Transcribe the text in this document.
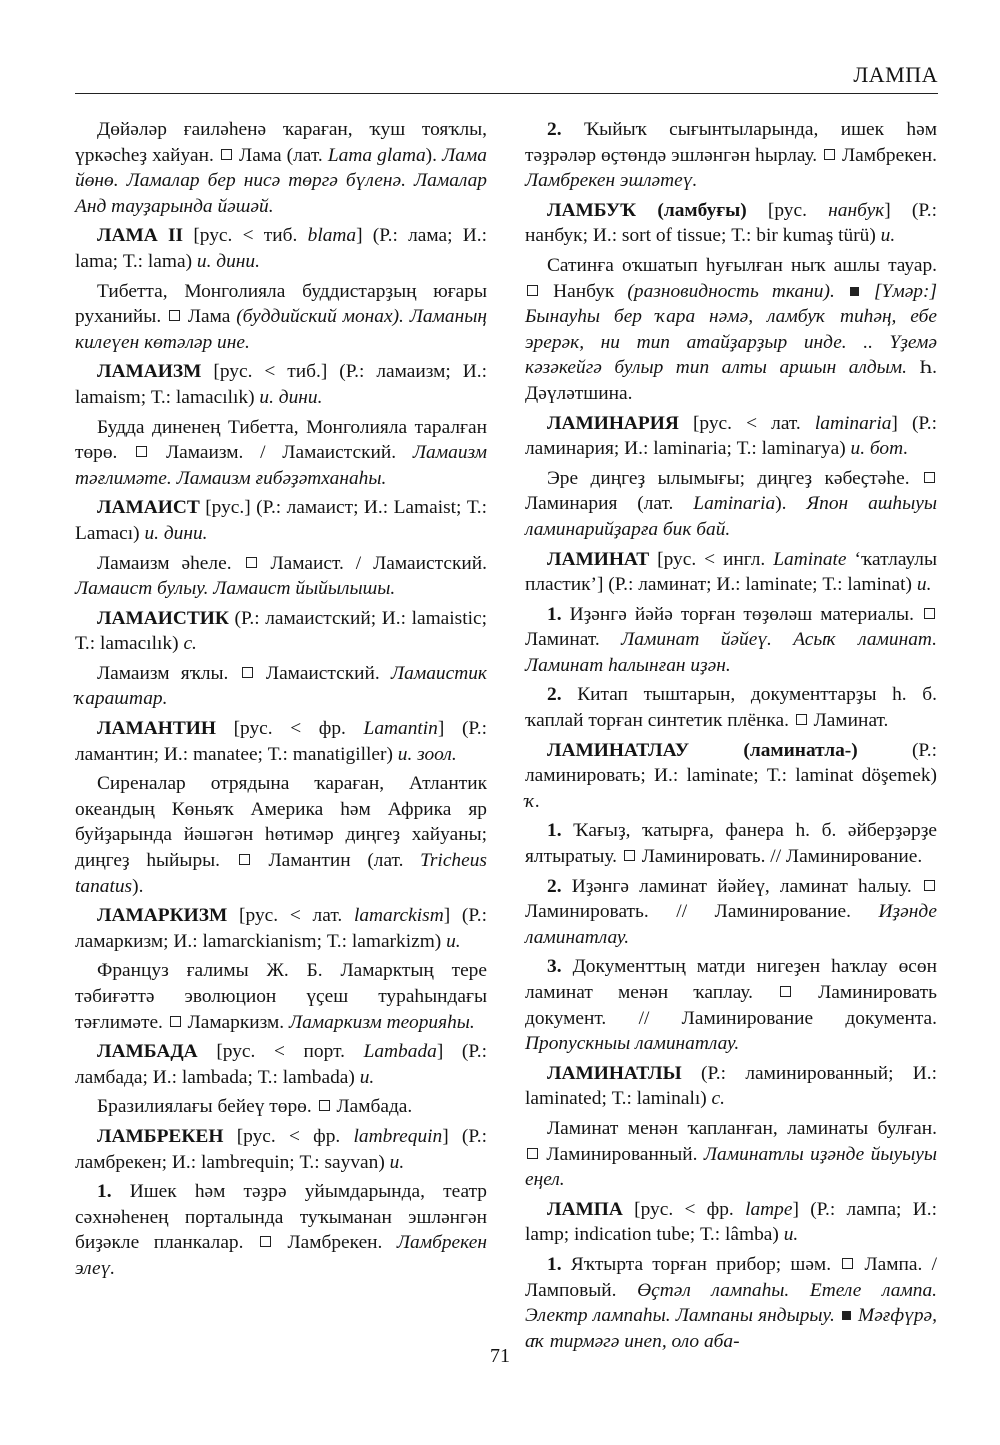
ЛАМПА

Дөйәләр ғаиләһенә ҡараған, ҡуш тояҡлы, үркәсһеҙ хайуан. Лама (лат. Lama glama). Лама йөнө. Ламалар бер нисә төргә бүленә. Ламалар Анд тауҙарында йәшәй.

ЛАМА II [рус. < тиб. blama] (Р.: лама; И.: lama; Т.: lama) и. дини.

Тибетта, Монголияла буддистарҙың юғары руханийы. Лама (буддийский монах). Ламаның килеүен көтәләр ине.

ЛАМАИЗМ [рус. < тиб.] (Р.: ламаизм; И.: lamaism; Т.: lamacılık) и. дини.

Будда диненең Тибетта, Монголияла таралған төрө.	Ламаизм. / Ламаистский. Ламаизм тәғлимәте. Ламаизм ғибәҙәтханаһы.

ЛАМАИСТ [рус.] (Р.: ламаист; И.: Lamaist; Т.: Lamacı) и. дини.

Ламаизм әһеле. Ламаист. / Ламаистский. Ламаист булыу. Ламаист йыйылышы.

ЛАМАИСТИК (Р.: ламаистский; И.: lamaistic; Т.: lamacılık) с.

Ламаизм яҡлы. Ламаистский. Ламаистик ҡараштар.

ЛАМАНТИН [рус. < фр. Lamantin] (Р.: ламантин; И.: manatee; Т.: manatigiller) и. зоол.

Сиреналар отрядына ҡараған, Атлантик океандың Көньяҡ Америка һәм Африка яр буйҙарында йәшәгән һөтимәр диңгеҙ хайуаны; диңгеҙ һыйыры. Ламантин (лат. Tricheus tanatus).

ЛАМАРКИЗМ [рус. < лат. lamarckism] (Р.: ламаркизм; И.: lamarckianism; Т.: lamarkizm) и.

Француз ғалимы Ж. Б. Ламарктың тере тәбиғәттә эволюцион үҫеш тураһындағы тәғлимәте. Ламаркизм. Ламаркизм теорияһы.

ЛАМБАДА [рус. < порт. Lambada] (Р.: ламбада; И.: lambada; Т.: lambada) и.

Бразилиялағы бейеү төрө. Ламбада.

ЛАМБРЕКЕН [рус. < фр. lambrequin] (Р.: ламбрекен; И.: lambrequin; Т.: sayvan) и.

1. Ишек һәм тәҙрә уйымдарында, театр сәхнәһенең порталында туҡыманан эшләнгән биҙәкле планкалар. Ламбрекен. Ламбрекен элеү.

2. Ҡыйыҡ сығынтыларында, ишек һәм тәҙрәләр өҫтөндә эшләнгән һырлау. Ламбрекен. Ламбрекен эшләтеү.

ЛАМБУҠ (ламбуғы) [рус. нанбук] (Р.: нанбук; И.: sort of tissue; Т.: bir kumaş türü) и.

Сатинға оҡшатып һуғылған ныҡ ашлы тауар.  Нанбук (разновидность ткани). [Үмәр:] Бынауһы бер ҡара нәмә, ламбуҡ тиһәң, ебе эрерәк, ни тип атайҙарҙыр инде. .. Үҙемә кәзәкейгә булыр тип алты аршын алдым. Һ. Дәүләтшина.

ЛАМИНАРИЯ [рус. < лат. laminaria] (Р.: ламинария; И.: laminaria; Т.: laminarya) и. бот.

Эре диңгеҙ ылымығы; диңгеҙ кәбеҫтәһе.  Ламинария (лат. Laminaria). Япон ашһыуы ламинарийҙарға бик бай.

ЛАМИНАТ [рус. < ингл. Laminate ‘ҡатлаулы пластик’] (Р.: ламинат; И.: laminate; Т.: laminat) и.

1. Иҙәнгә йәйә торған төҙөләш материалы.  Ламинат. Ламинат йәйеү. Асыҡ ламинат. Ламинат һалынған иҙән.

2. Китап тыштарын, документтарҙы һ. б. ҡаплай торған синтетик плёнка. Ламинат.

ЛАМИНАТЛАУ (ламинатла-)	(Р.: ламинировать; И.: laminate; Т.: laminat döşemek) ҡ.

1. Ҡағыҙ, ҡатырға, фанера һ. б. әйберҙәрҙе ялтыратыу. Ламинировать. // Ламинирование.

2. Иҙәнгә ламинат йәйеү, ламинат һалыу.  Ламинировать. // Ламинирование. Иҙәнде ламинатлау.

3. Документтың матди нигеҙен һаҡлау өсөн ламинат менән ҡаплау.	Ламинировать документ. // Ламинирование документа. Пропускныы ламинатлау.

ЛАМИНАТЛЫ (Р.: ламинированный; И.: laminated; Т.: laminalı) с.

Ламинат менән ҡапланған, ламинаты булған.  Ламинированный. Ламинатлы иҙәнде йыуыуы еңел.

ЛАМПА [рус. < фр. lampe] (Р.: лампа; И.: lamp; indication tube; Т.: lâmba) и.

1. Яҡтырта торған прибор; шәм. Лампа. / Ламповый. Өҫтәл лампаһы. Етеле лампа. Электр лампаһы. Лампаны яндырыу. Мәғфүрә, аҡ тирмәгә инеп, оло аба-

71
